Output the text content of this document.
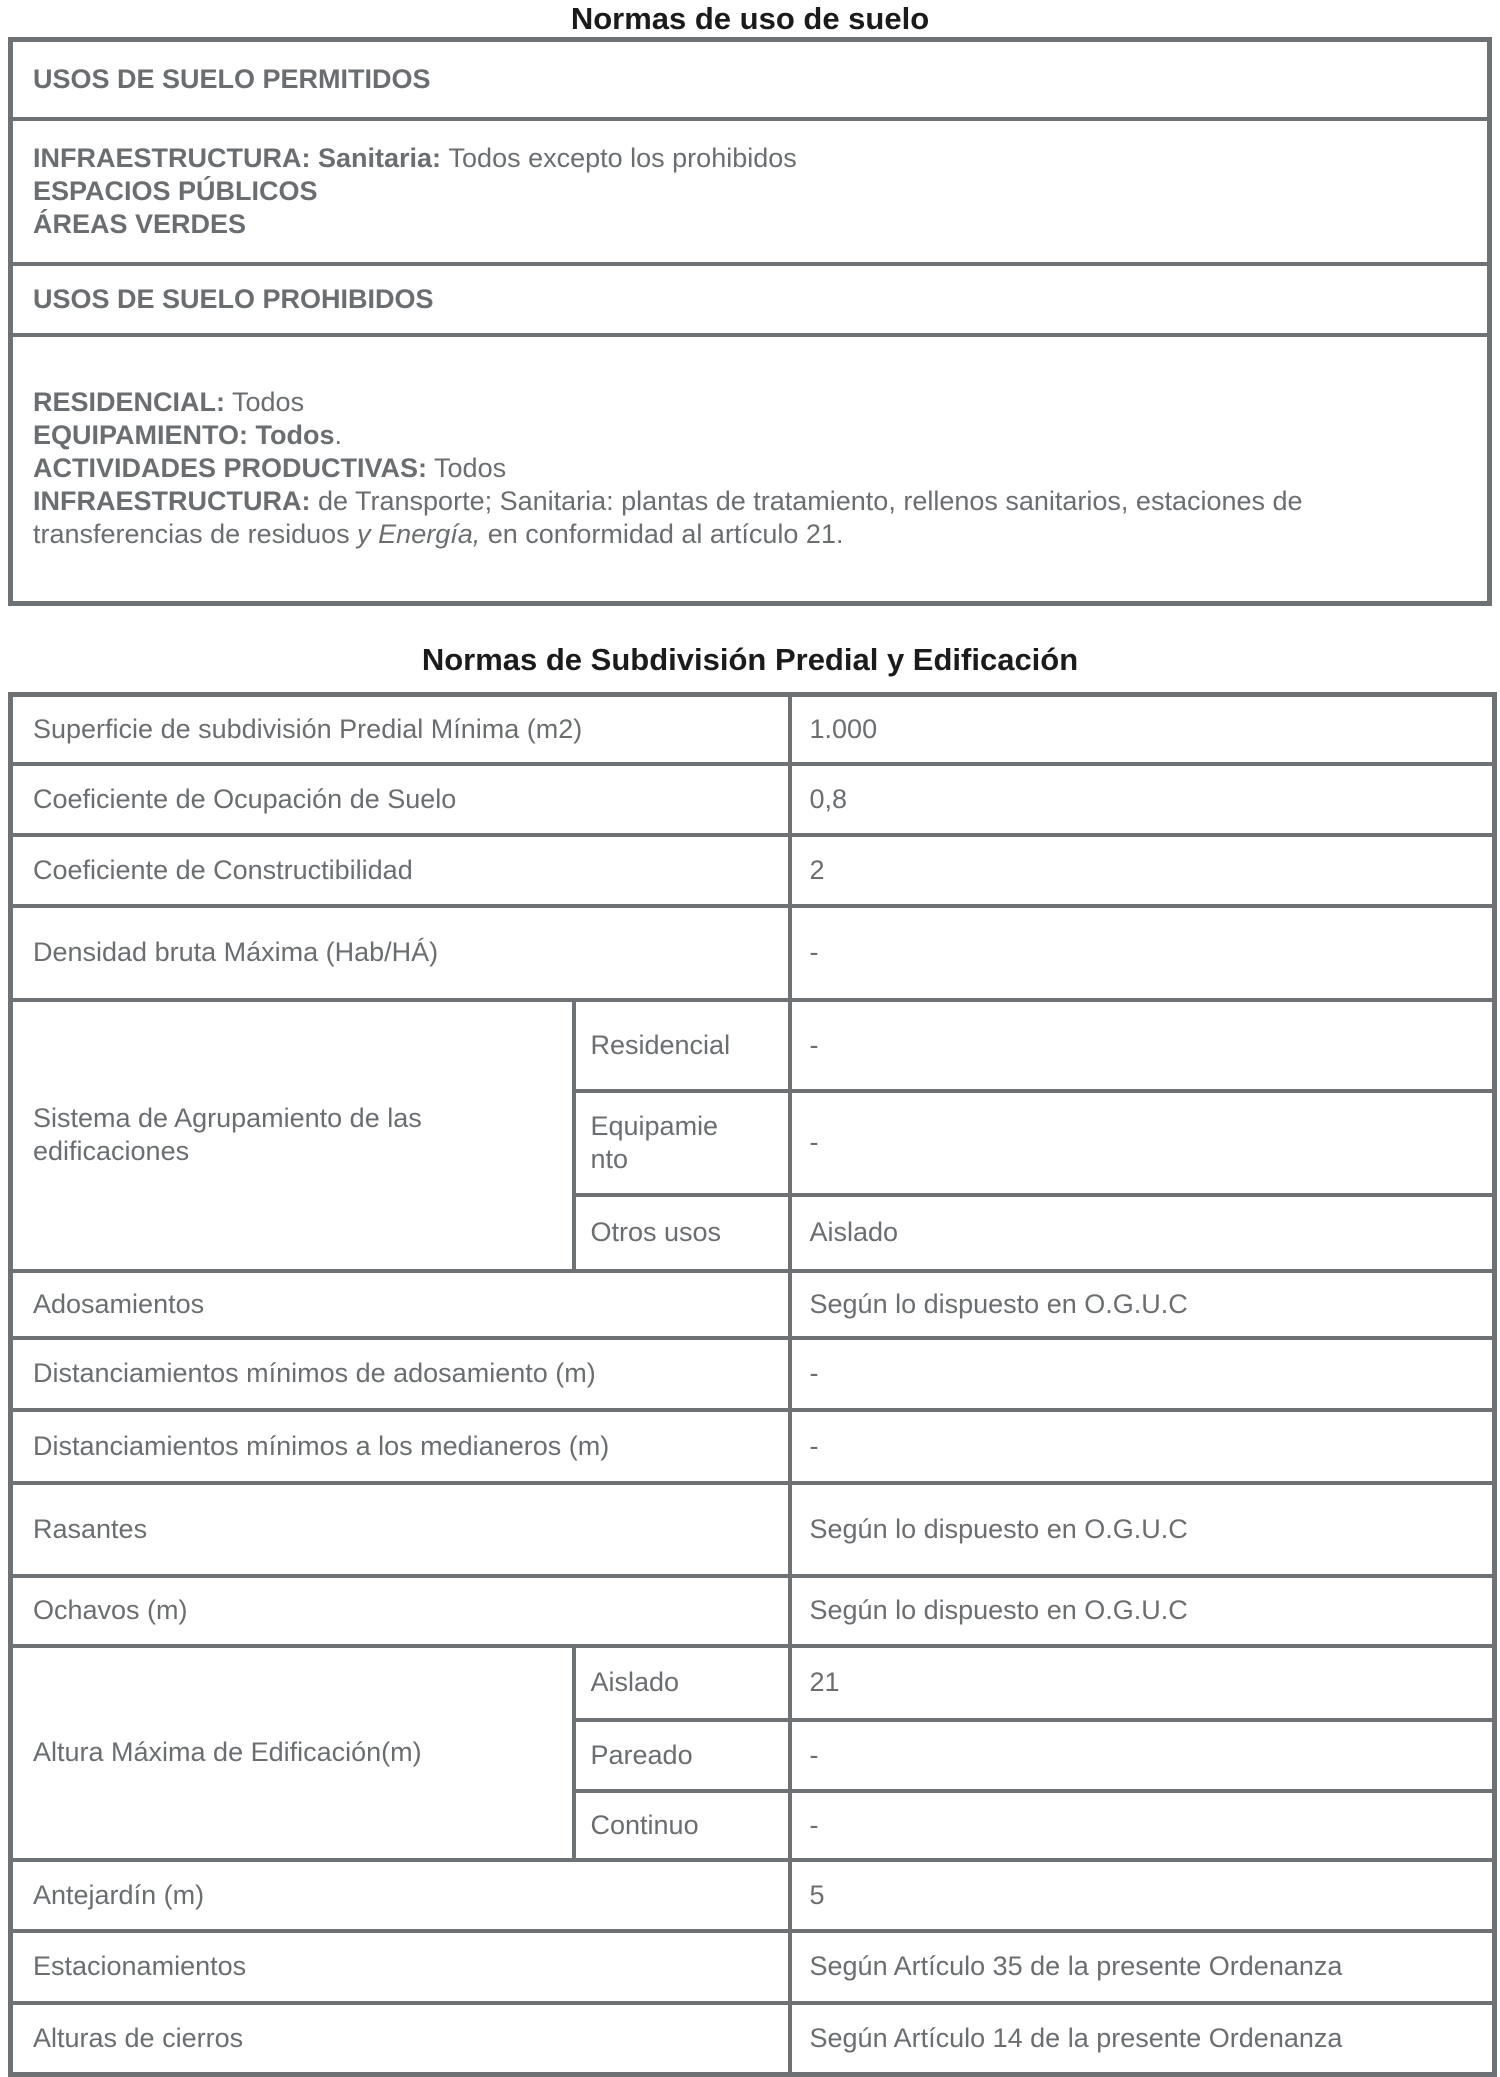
Normas de uso de suelo
USOS DE SUELO PERMITIDOS

INFRAESTRUCTURA: Sanitaria: Todos excepto los prohibidos
ESPACIOS PÚBLICOS
ÁREAS VERDES

USOS DE SUELO PROHIBIDOS

RESIDENCIAL: Todos
EQUIPAMIENTO: Todos.
ACTIVIDADES PRODUCTIVAS: Todos
INFRAESTRUCTURA: de Transporte; Sanitaria: plantas de tratamiento, rellenos sanitarios, estaciones de transferencias de residuos y Energía, en conformidad al artículo 21.
Normas de Subdivisión Predial y Edificación
Superficie de subdivisión Predial Mínima (m2)		1.000
Coeficiente de Ocupación de Suelo		0,8
Coeficiente de Constructibilidad		2
Densidad bruta Máxima (Hab/HÁ)		-
Sistema de Agrupamiento de las edificaciones	Residencial	-
	Equipamiento	-
	Otros usos	Aislado
Adosamientos		Según lo dispuesto en O.G.U.C
Distanciamientos mínimos de adosamiento (m)		-
Distanciamientos mínimos a los medianeros (m)		-
Rasantes		Según lo dispuesto en O.G.U.C
Ochavos (m)		Según lo dispuesto en O.G.U.C
Altura Máxima de Edificación(m)	Aislado	21
	Pareado	-
	Continuo	-
Antejardín (m)		5
Estacionamientos		Según Artículo 35 de la presente Ordenanza
Alturas de cierros		Según Artículo 14 de la presente Ordenanza
